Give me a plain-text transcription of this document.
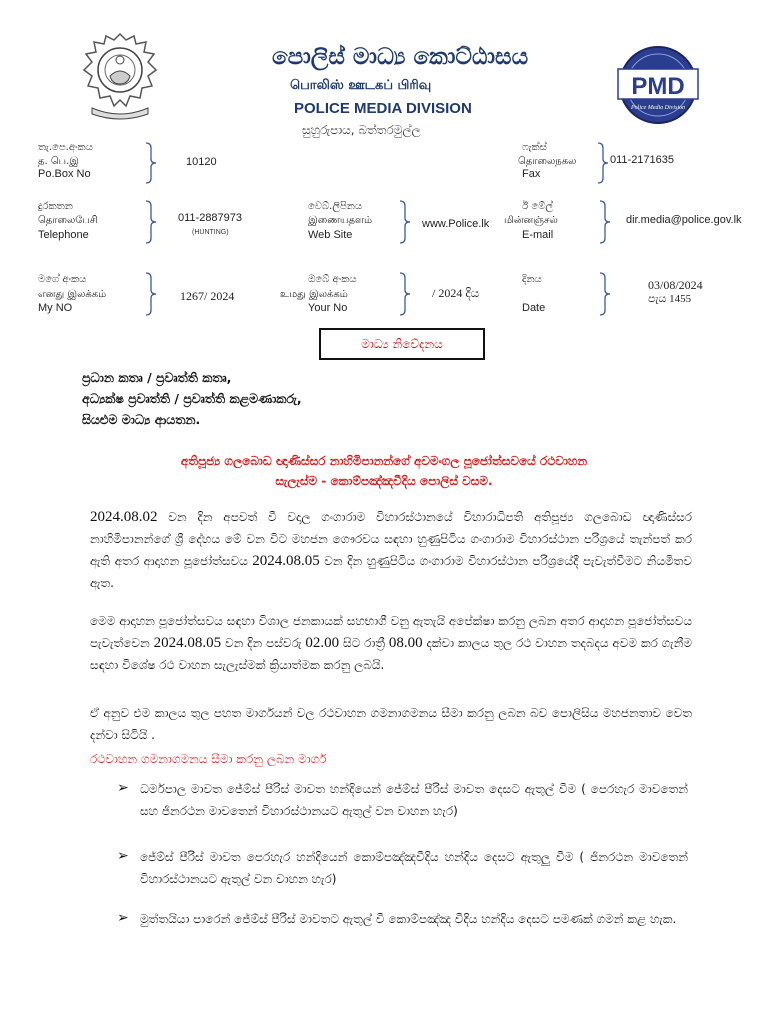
පොලිස් මාධ්‍ය කොට්ඨාසය
பொலிஸ் ஊடகப் பிரிவு
POLICE MEDIA DIVISION
සුහුරුපාය, බත්තරමුල්ල
PMD
Police Media Division
තැ.පෙ.අංකය
த. பெ.இ
Po.Box No
10120
ෆැක්ස්
தொலைநகல
Fax
011-2171635
දුරකතන
தொலைபேசி
Telephone
011-2887973
(HUNTING)
වෙබ්.ලිපිනය
இணையதளம்
Web Site
www.Police.lk
ඊ මේල්
மின்னஞ்சல்
E-mail
dir.media@police.gov.lk
මගේ අංකය
எனது இலக்கம்
My NO
1267/ 2024
ඔබේ අංකය
உமது இலக்கம்
Your No
/ 2024 දිය
දිනය
Date
03/08/2024
පැය 1455
මාධ්‍ය නිවේදනය
ප්‍රධාන කතෘ / ප්‍රවෘත්ති කතෘ,
අධ්‍යක්ෂ ප්‍රවෘත්ති / ප්‍රවෘත්ති කළමණාකරු,
සියළුම මාධ්‍ය ආයතන.
අතිපූජ්‍ය ගලබොඩ ඥාණිස්සර නාහිමිපානන්ගේ අවමංගල පූජෝත්සවයේ රථවාහන
සැලැස්ම - කොම්පඤ්ඤවීදිය පොලිස් වසම.
2024.08.02 වන දින අපවත් වී වදාල ගංගාරාම විහාරස්ථානයේ විහාරාධිපති අතිපූජ්‍ය ගලබොඩ ඥාණිස්සර නාහිමිපානන්ගේ ශ්‍රී දේහය මේ වන විට මහජන ගෞරවය සඳහා හුණුපිටිය ගංගාරාම විහාරස්ථාන පරිශ්‍රයේ තැන්පත් කර ඇති අතර ආදාහන පූජෝත්සවය 2024.08.05 වන දින හුණුපිටිය ගංගාරාම විහාරස්ථාන පරිශ්‍රයේදී පැවැත්වීමට නියමිතව ඇත.
මෙම ආදාහන පූජෝත්සවය සඳහා විශාල ජනකායක් සහභාගී වනු ඇතැයි අපේක්ෂා කරනු ලබන අතර ආදාහන පූජෝත්සවය පැවැත්වෙන 2024.08.05 වන දින පස්වරු 02.00 සිට රාත්‍රී 08.00 දක්වා කාලය තුල රථ වාහන තදබදය අවම කර ගැනීම සඳහා විශේෂ රථ වාහන සැලැස්මක් ක්‍රියාත්මක කරනු ලබයි.
ඒ අනුව එම කාලය තුල පහත මාර්ගයන් වල රථවාහන ගමනාගමනය සීමා කරනු ලබන බව පොලිසිය මහජනතාව වෙත දන්වා සිටියි .
රථවාහන ගමනාගමනය සීමා කරනු ලබන මාර්ග
➢ ධර්මපාල මාවත ජේම්ස් පීරිස් මාවත හන්දියෙන් ජේම්ස් පීරිස් මාවත දෙසට ඇතුල් වීම ( පෙරහැර මාවතෙන් සහ ජිනරථන මාවතෙන් විහාරස්ථානයට ඇතුල් වන වාහන හැර)
➢ ජේම්ස් පීරිස් මාවත පෙරහැර හන්දියෙන් කොම්පඤ්ඤවීදිය හන්දිය දෙසට ඇතුලු වීම ( ජිනරථන මාවතෙන් විහාරස්ථානයට ඇතුල් වන වාහන හැර)
➢ මුත්තයියා පාරෙන් ජේම්ස් පීරිස් මාවතට ඇතුල් වී කොම්පඤ්ඤ වීදිය හන්දිය දෙසට පමණක් ගමන් කළ හැක.
